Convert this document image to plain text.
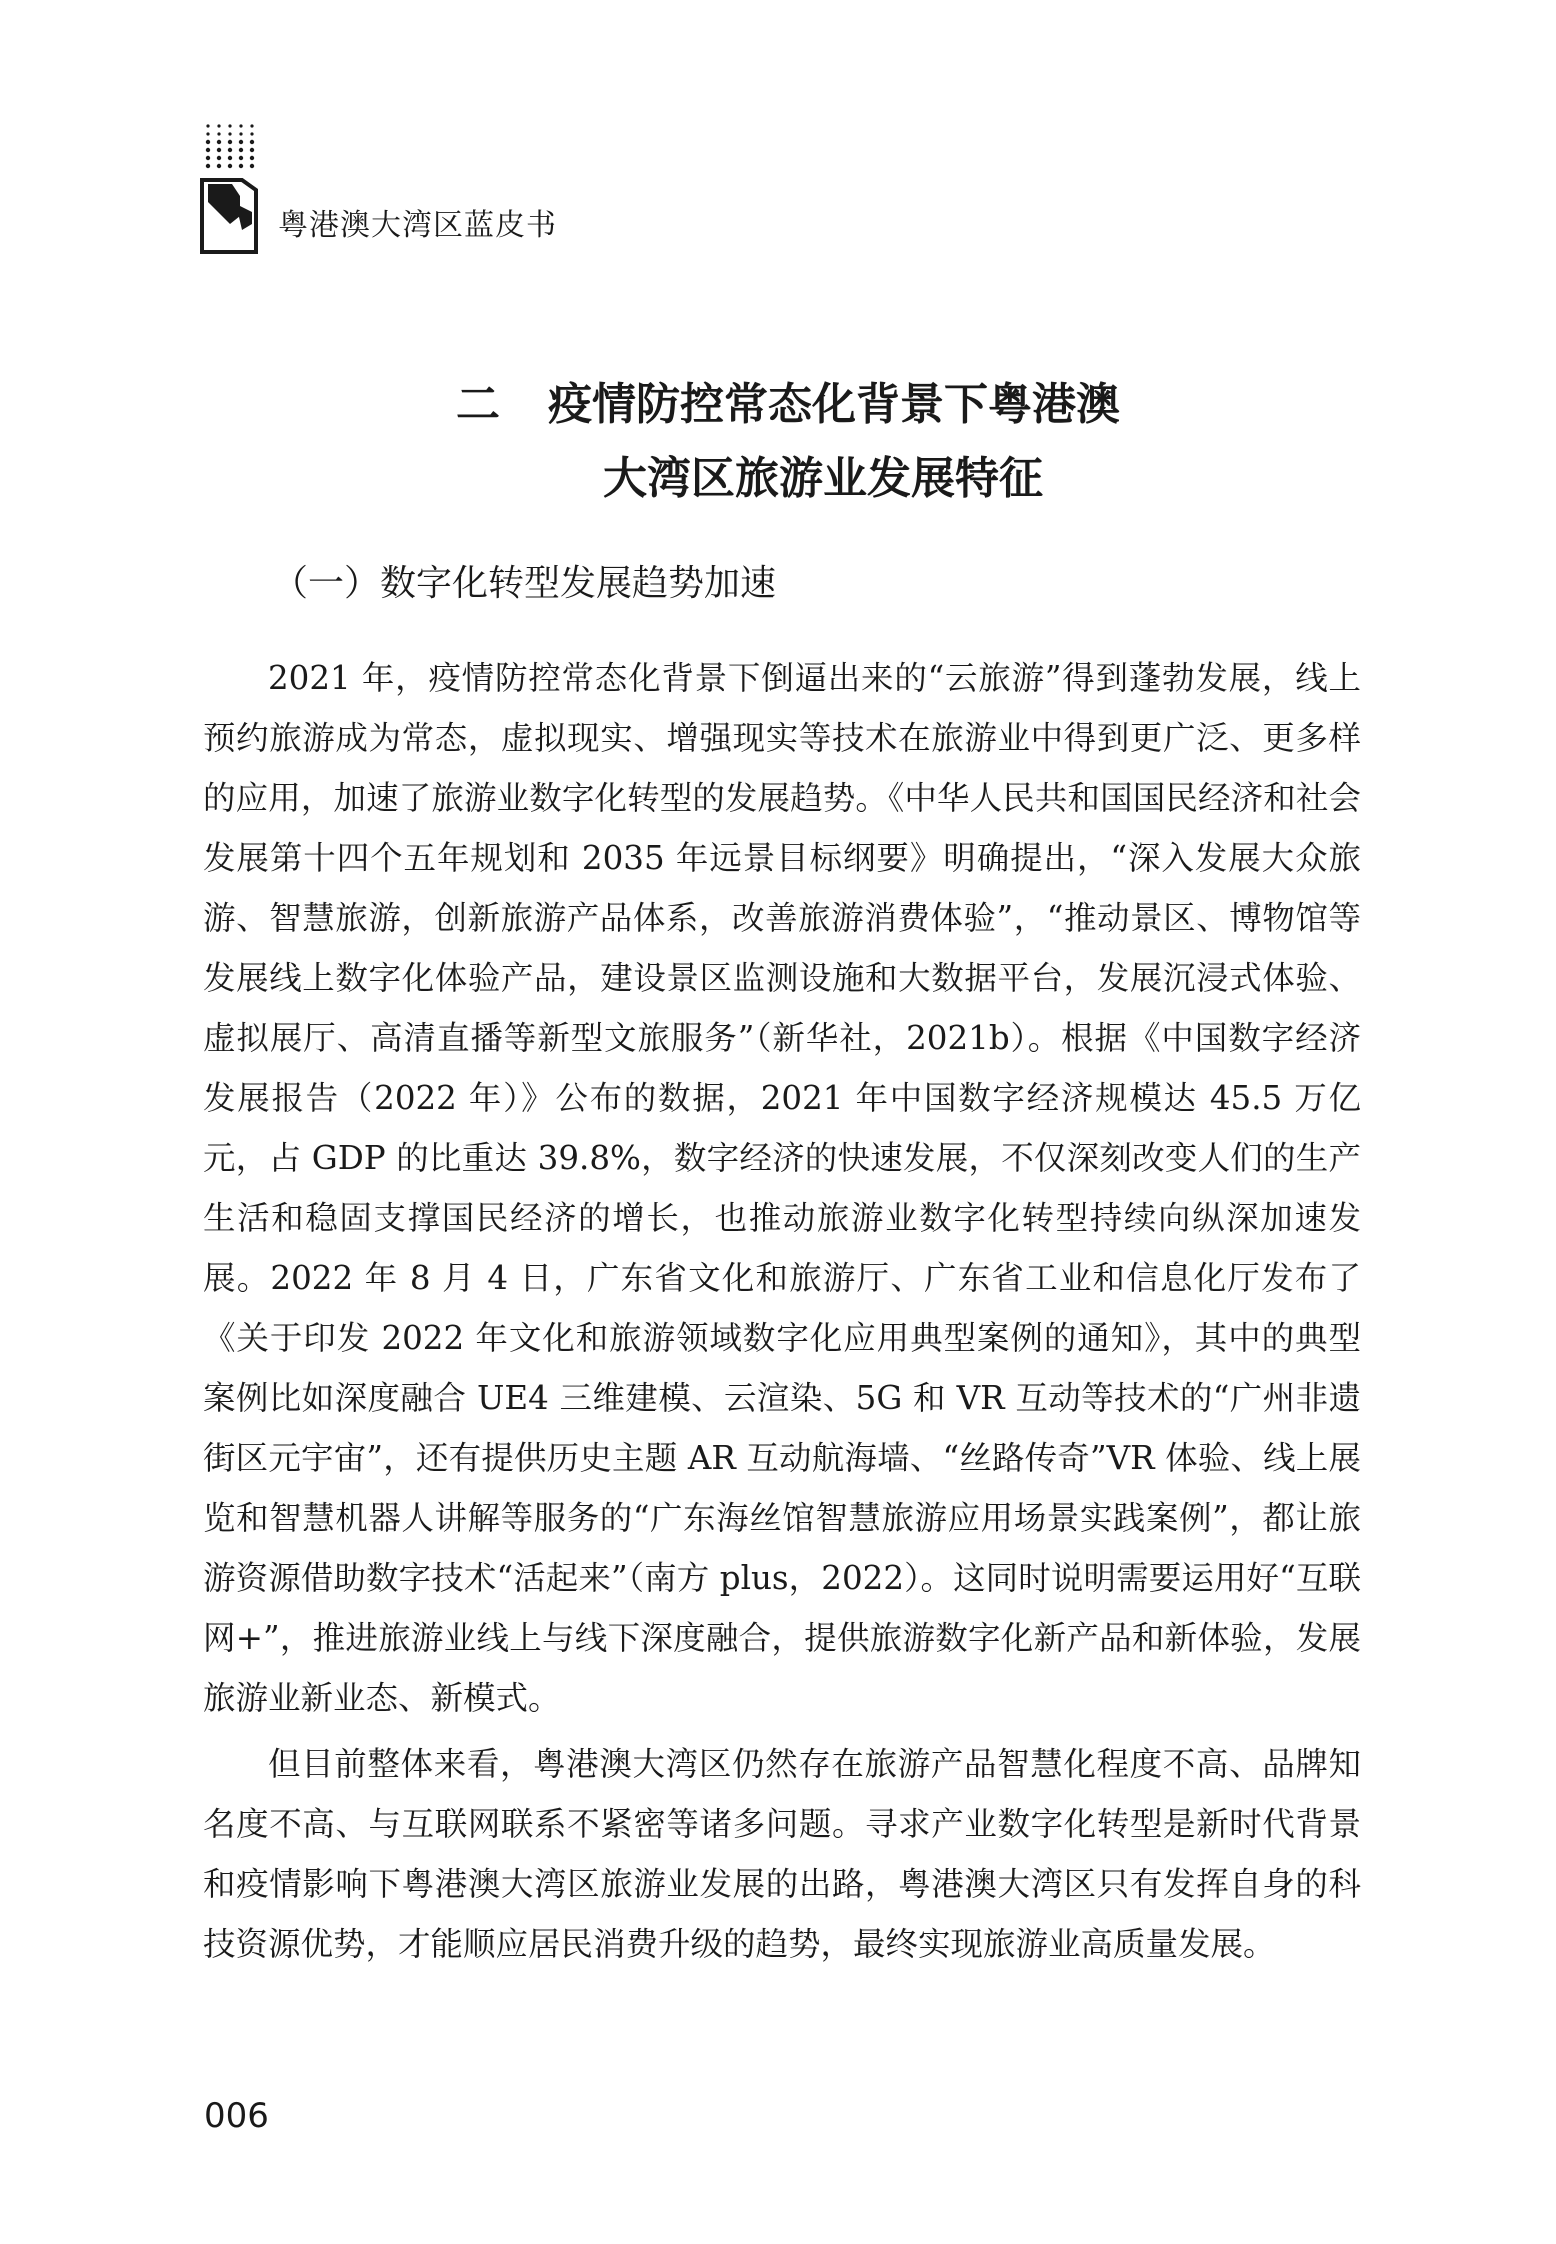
粤港澳大湾区蓝皮书
二 疫情防控常态化背景下粤港澳
大湾区旅游业发展特征
（一）数字化转型发展趋势加速

2021 年，疫情防控常态化背景下倒逼出来的“云旅游”得到蓬勃发展，线上预约旅游成为常态，虚拟现实、增强现实等技术在旅游业中得到更广泛、更多样的应用，加速了旅游业数字化转型的发展趋势。《中华人民共和国国民经济和社会发展第十四个五年规划和 2035 年远景目标纲要》明确提出，“深入发展大众旅游、智慧旅游，创新旅游产品体系，改善旅游消费体验”，“推动景区、博物馆等发展线上数字化体验产品，建设景区监测设施和大数据平台，发展沉浸式体验、虚拟展厅、高清直播等新型文旅服务”（新华社，2021b）。根据《中国数字经济发展报告（2022 年）》公布的数据，2021 年中国数字经济规模达 45.5 万亿元，占 GDP 的比重达 39.8%，数字经济的快速发展，不仅深刻改变人们的生产生活和稳固支撑国民经济的增长，也推动旅游业数字化转型持续向纵深加速发展。2022 年 8 月 4 日，广东省文化和旅游厅、广东省工业和信息化厅发布了《关于印发 2022 年文化和旅游领域数字化应用典型案例的通知》，其中的典型案例比如深度融合 UE4 三维建模、云渲染、5G 和 VR 互动等技术的“广州非遗街区元宇宙”，还有提供历史主题 AR 互动航海墙、“丝路传奇”VR 体验、线上展览和智慧机器人讲解等服务的“广东海丝馆智慧旅游应用场景实践案例”，都让旅游资源借助数字技术“活起来”（南方 plus，2022）。这同时说明需要运用好“互联网+”，推进旅游业线上与线下深度融合，提供旅游数字化新产品和新体验，发展旅游业新业态、新模式。

但目前整体来看，粤港澳大湾区仍然存在旅游产品智慧化程度不高、品牌知名度不高、与互联网联系不紧密等诸多问题。寻求产业数字化转型是新时代背景和疫情影响下粤港澳大湾区旅游业发展的出路，粤港澳大湾区只有发挥自身的科技资源优势，才能顺应居民消费升级的趋势，最终实现旅游业高质量发展。

006
